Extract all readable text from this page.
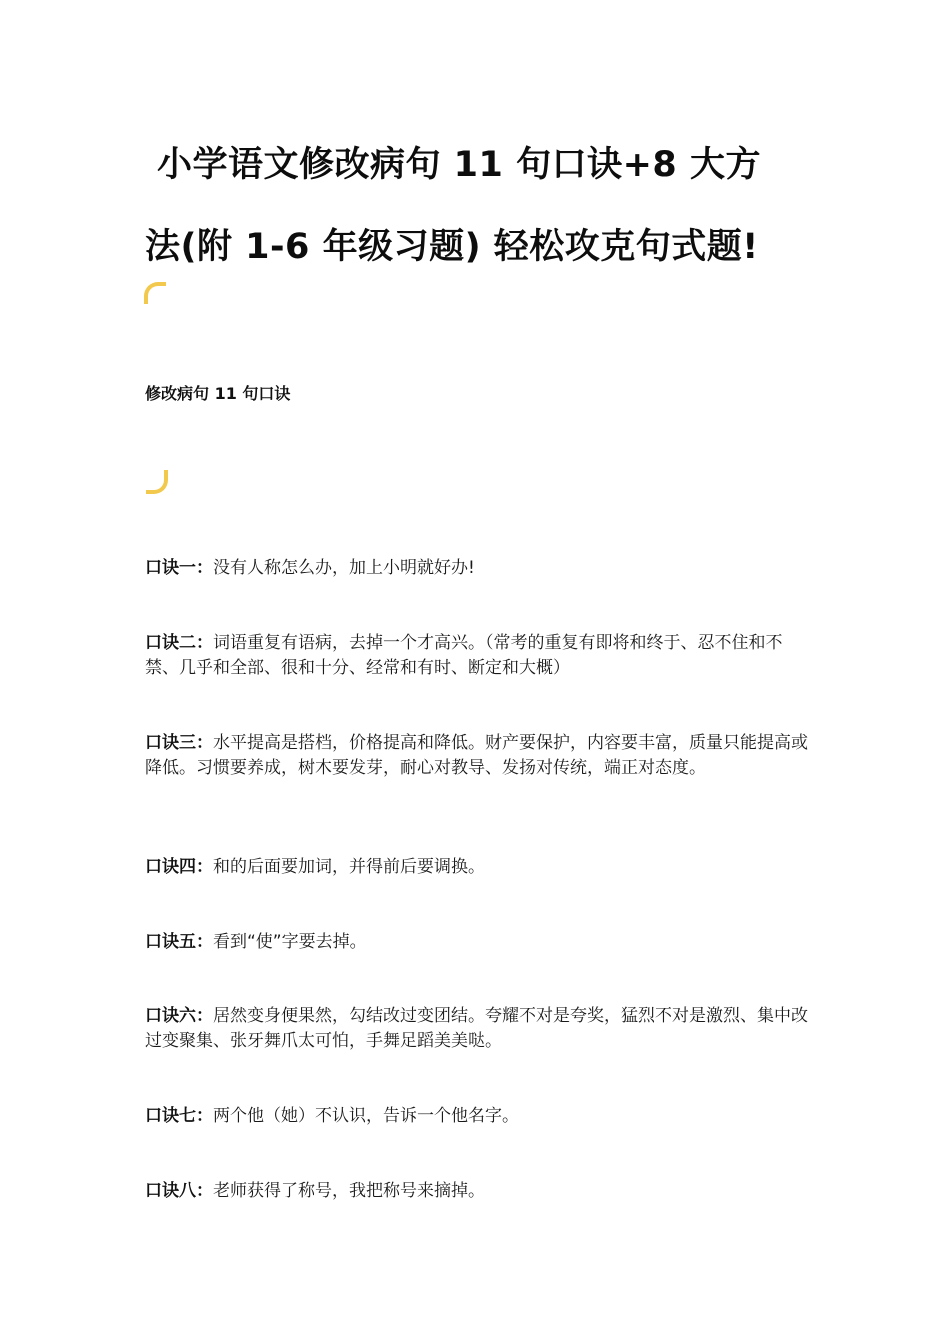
小学语文修改病句 11 句口诀+8 大方
法(附 1-6 年级习题) 轻松攻克句式题!
修改病句 11 句口诀

口诀一：没有人称怎么办，加上小明就好办!

口诀二：词语重复有语病，去掉一个才高兴。（常考的重复有即将和终于、忍不住和不禁、几乎和全部、很和十分、经常和有时、断定和大概）

口诀三：水平提高是搭档，价格提高和降低。财产要保护，内容要丰富，质量只能提高或降低。习惯要养成，树木要发芽，耐心对教导、发扬对传统，端正对态度。

口诀四：和的后面要加词，并得前后要调换。

口诀五：看到“使”字要去掉。

口诀六：居然变身便果然，勾结改过变团结。夸耀不对是夸奖，猛烈不对是激烈、集中改过变聚集、张牙舞爪太可怕，手舞足蹈美美哒。

口诀七：两个他（她）不认识，告诉一个他名字。

口诀八：老师获得了称号，我把称号来摘掉。
